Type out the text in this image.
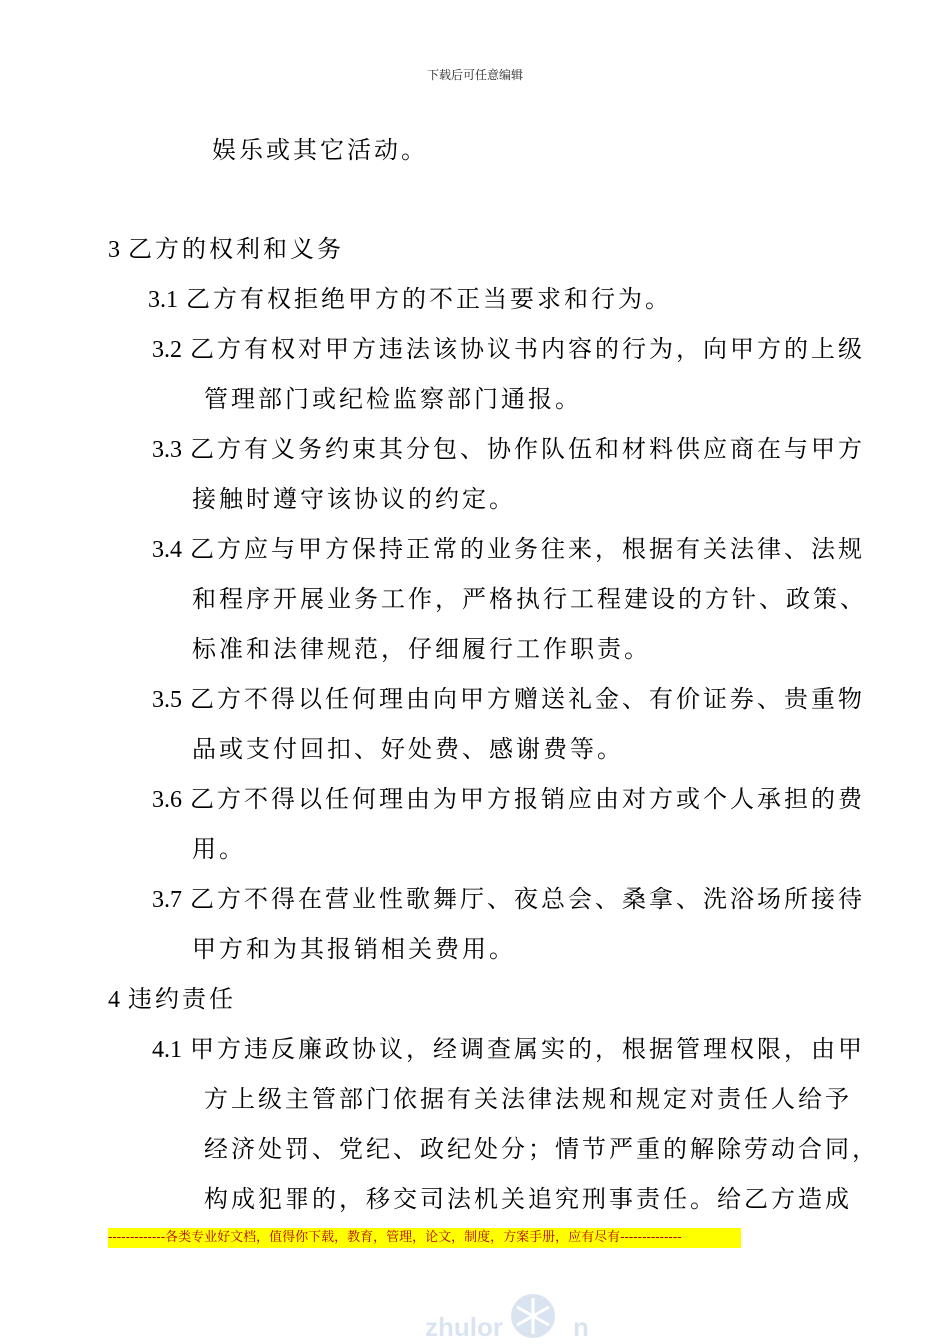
下载后可任意编辑
娱乐或其它活动。
3 乙方的权利和义务
3.1 乙方有权拒绝甲方的不正当要求和行为。
3.2 乙方有权对甲方违法该协议书内容的行为，向甲方的上级
管理部门或纪检监察部门通报。
3.3 乙方有义务约束其分包、协作队伍和材料供应商在与甲方
接触时遵守该协议的约定。
3.4 乙方应与甲方保持正常的业务往来，根据有关法律、法规
和程序开展业务工作，严格执行工程建设的方针、政策、
标准和法律规范，仔细履行工作职责。
3.5 乙方不得以任何理由向甲方赠送礼金、有价证券、贵重物
品或支付回扣、好处费、感谢费等。
3.6 乙方不得以任何理由为甲方报销应由对方或个人承担的费
用。
3.7 乙方不得在营业性歌舞厅、夜总会、桑拿、洗浴场所接待
甲方和为其报销相关费用。
4 违约责任
4.1 甲方违反廉政协议，经调查属实的，根据管理权限，由甲
方上级主管部门依据有关法律法规和规定对责任人给予
经济处罚、党纪、政纪处分；情节严重的解除劳动合同，
构成犯罪的，移交司法机关追究刑事责任。给乙方造成
-------------各类专业好文档，值得你下载，教育，管理，论文，制度，方案手册，应有尽有--------------
zhulor	n
